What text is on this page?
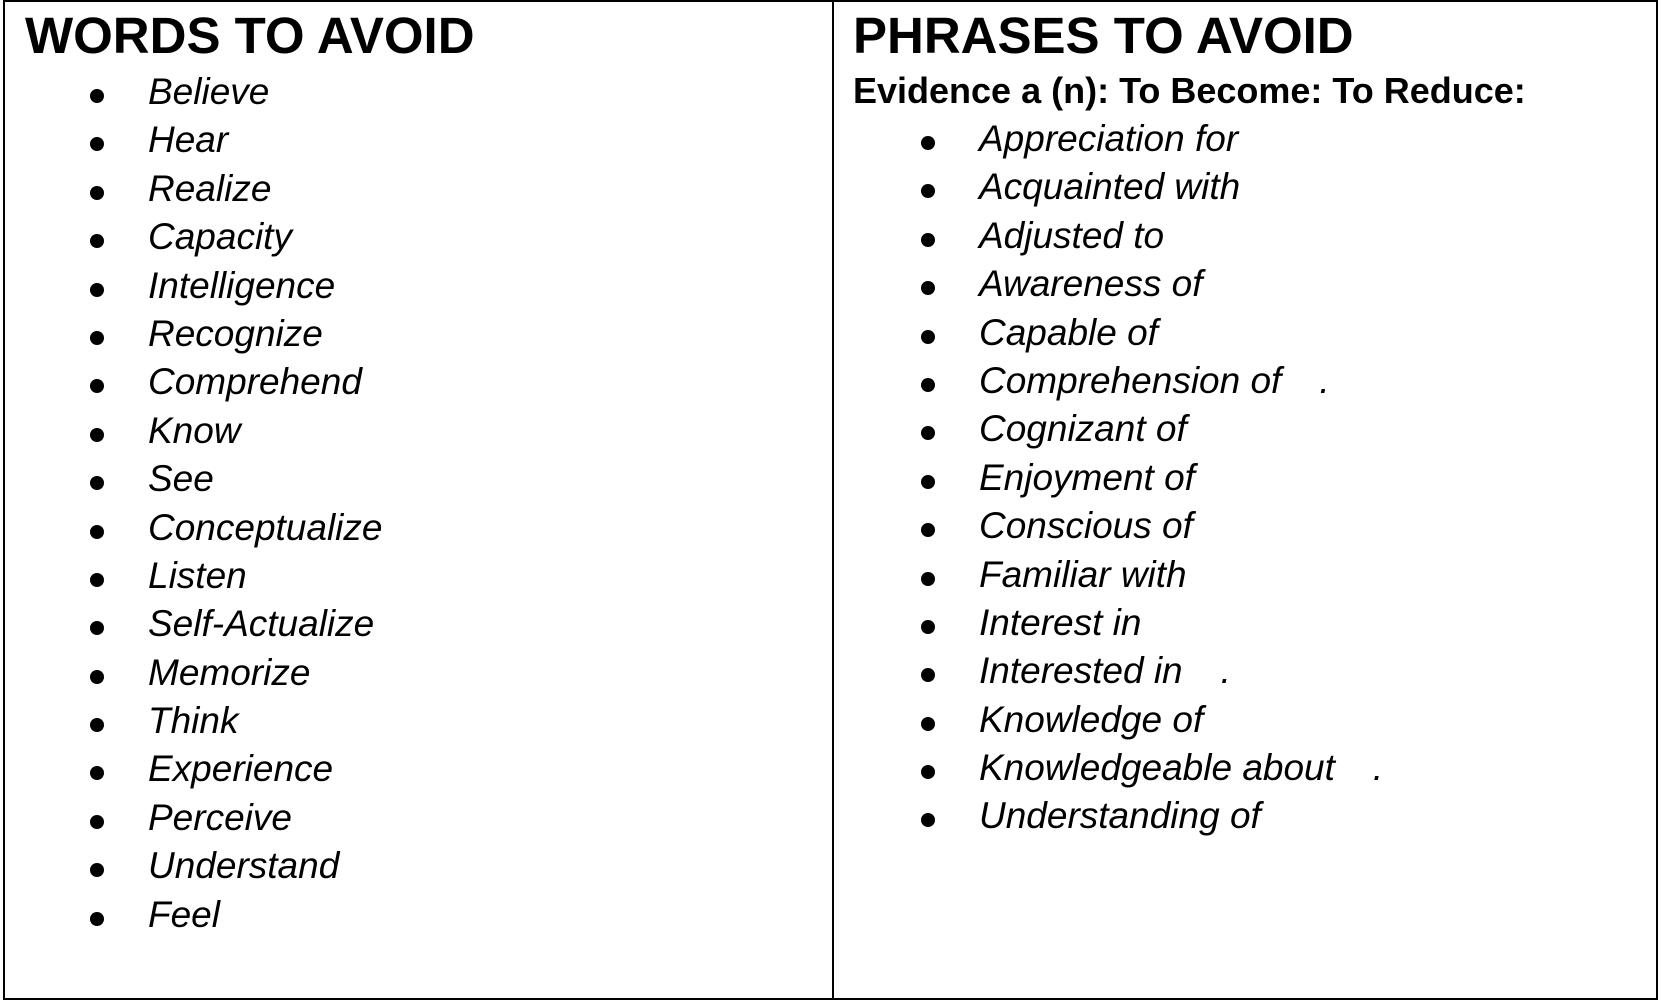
WORDS TO AVOID
Believe
Hear
Realize
Capacity
Intelligence
Recognize
Comprehend
Know
See
Conceptualize
Listen
Self-Actualize
Memorize
Think
Experience
Perceive
Understand
Feel
PHRASES TO AVOID
Evidence a (n): To Become: To Reduce:
Appreciation for
Acquainted with
Adjusted to
Awareness of
Capable of
Comprehension of .
Cognizant of
Enjoyment of
Conscious of
Familiar with
Interest in
Interested in .
Knowledge of
Knowledgeable about .
Understanding of
